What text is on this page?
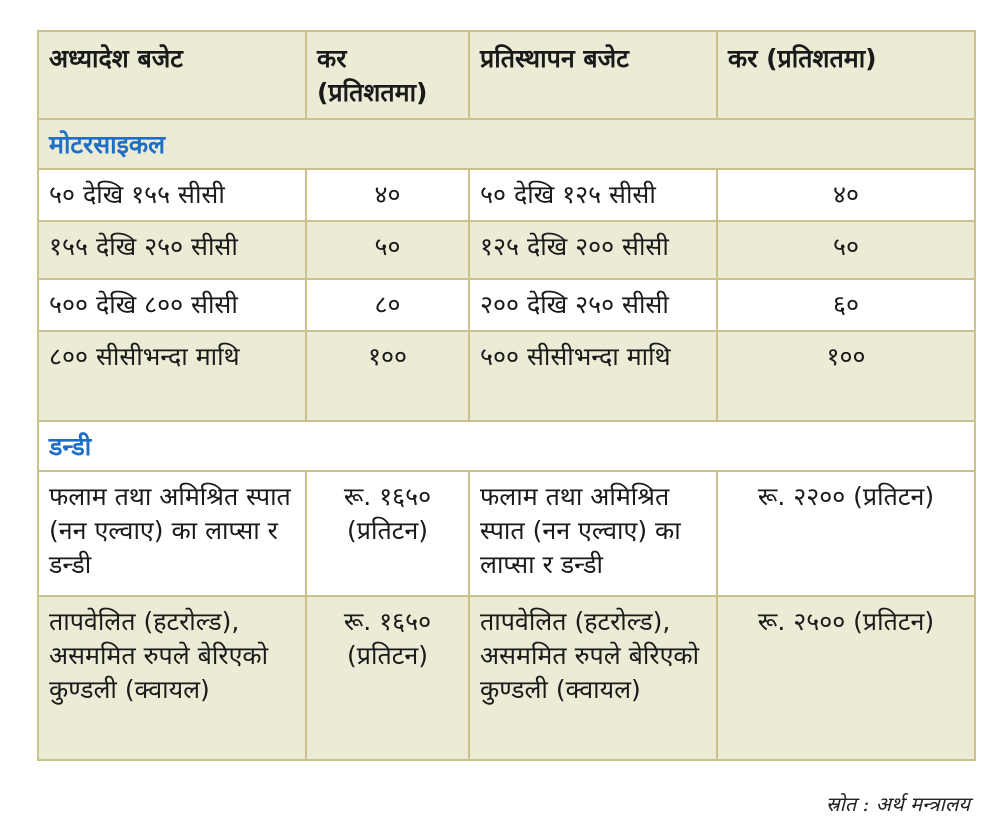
अध्यादेश बजेट	कर (प्रतिशतमा)	प्रतिस्थापन बजेट	कर (प्रतिशतमा)
मोटरसाइकल			
५० देखि १५५ सीसी	४०	५० देखि १२५ सीसी	४०
१५५ देखि २५० सीसी	५०	१२५ देखि २०० सीसी	५०
५०० देखि ८०० सीसी	८०	२०० देखि २५० सीसी	६०
८०० सीसीभन्दा माथि	१००	५०० सीसीभन्दा माथि	१००
डन्डी			
फलाम तथा अमिश्रित स्पात (नन एल्वाए) का लाप्सा र डन्डी	रू. १६५० (प्रतिटन)	फलाम तथा अमिश्रित स्पात (नन एल्वाए) का लाप्सा र डन्डी	रू. २२०० (प्रतिटन)
तापवेलित (हटरोल्ड), असममित रुपले बेरिएको कुण्डली (क्वायल)	रू. १६५० (प्रतिटन)	तापवेलित (हटरोल्ड), असममित रुपले बेरिएको कुण्डली (क्वायल)	रू. २५०० (प्रतिटन)
स्रोत : अर्थ मन्त्रालय
